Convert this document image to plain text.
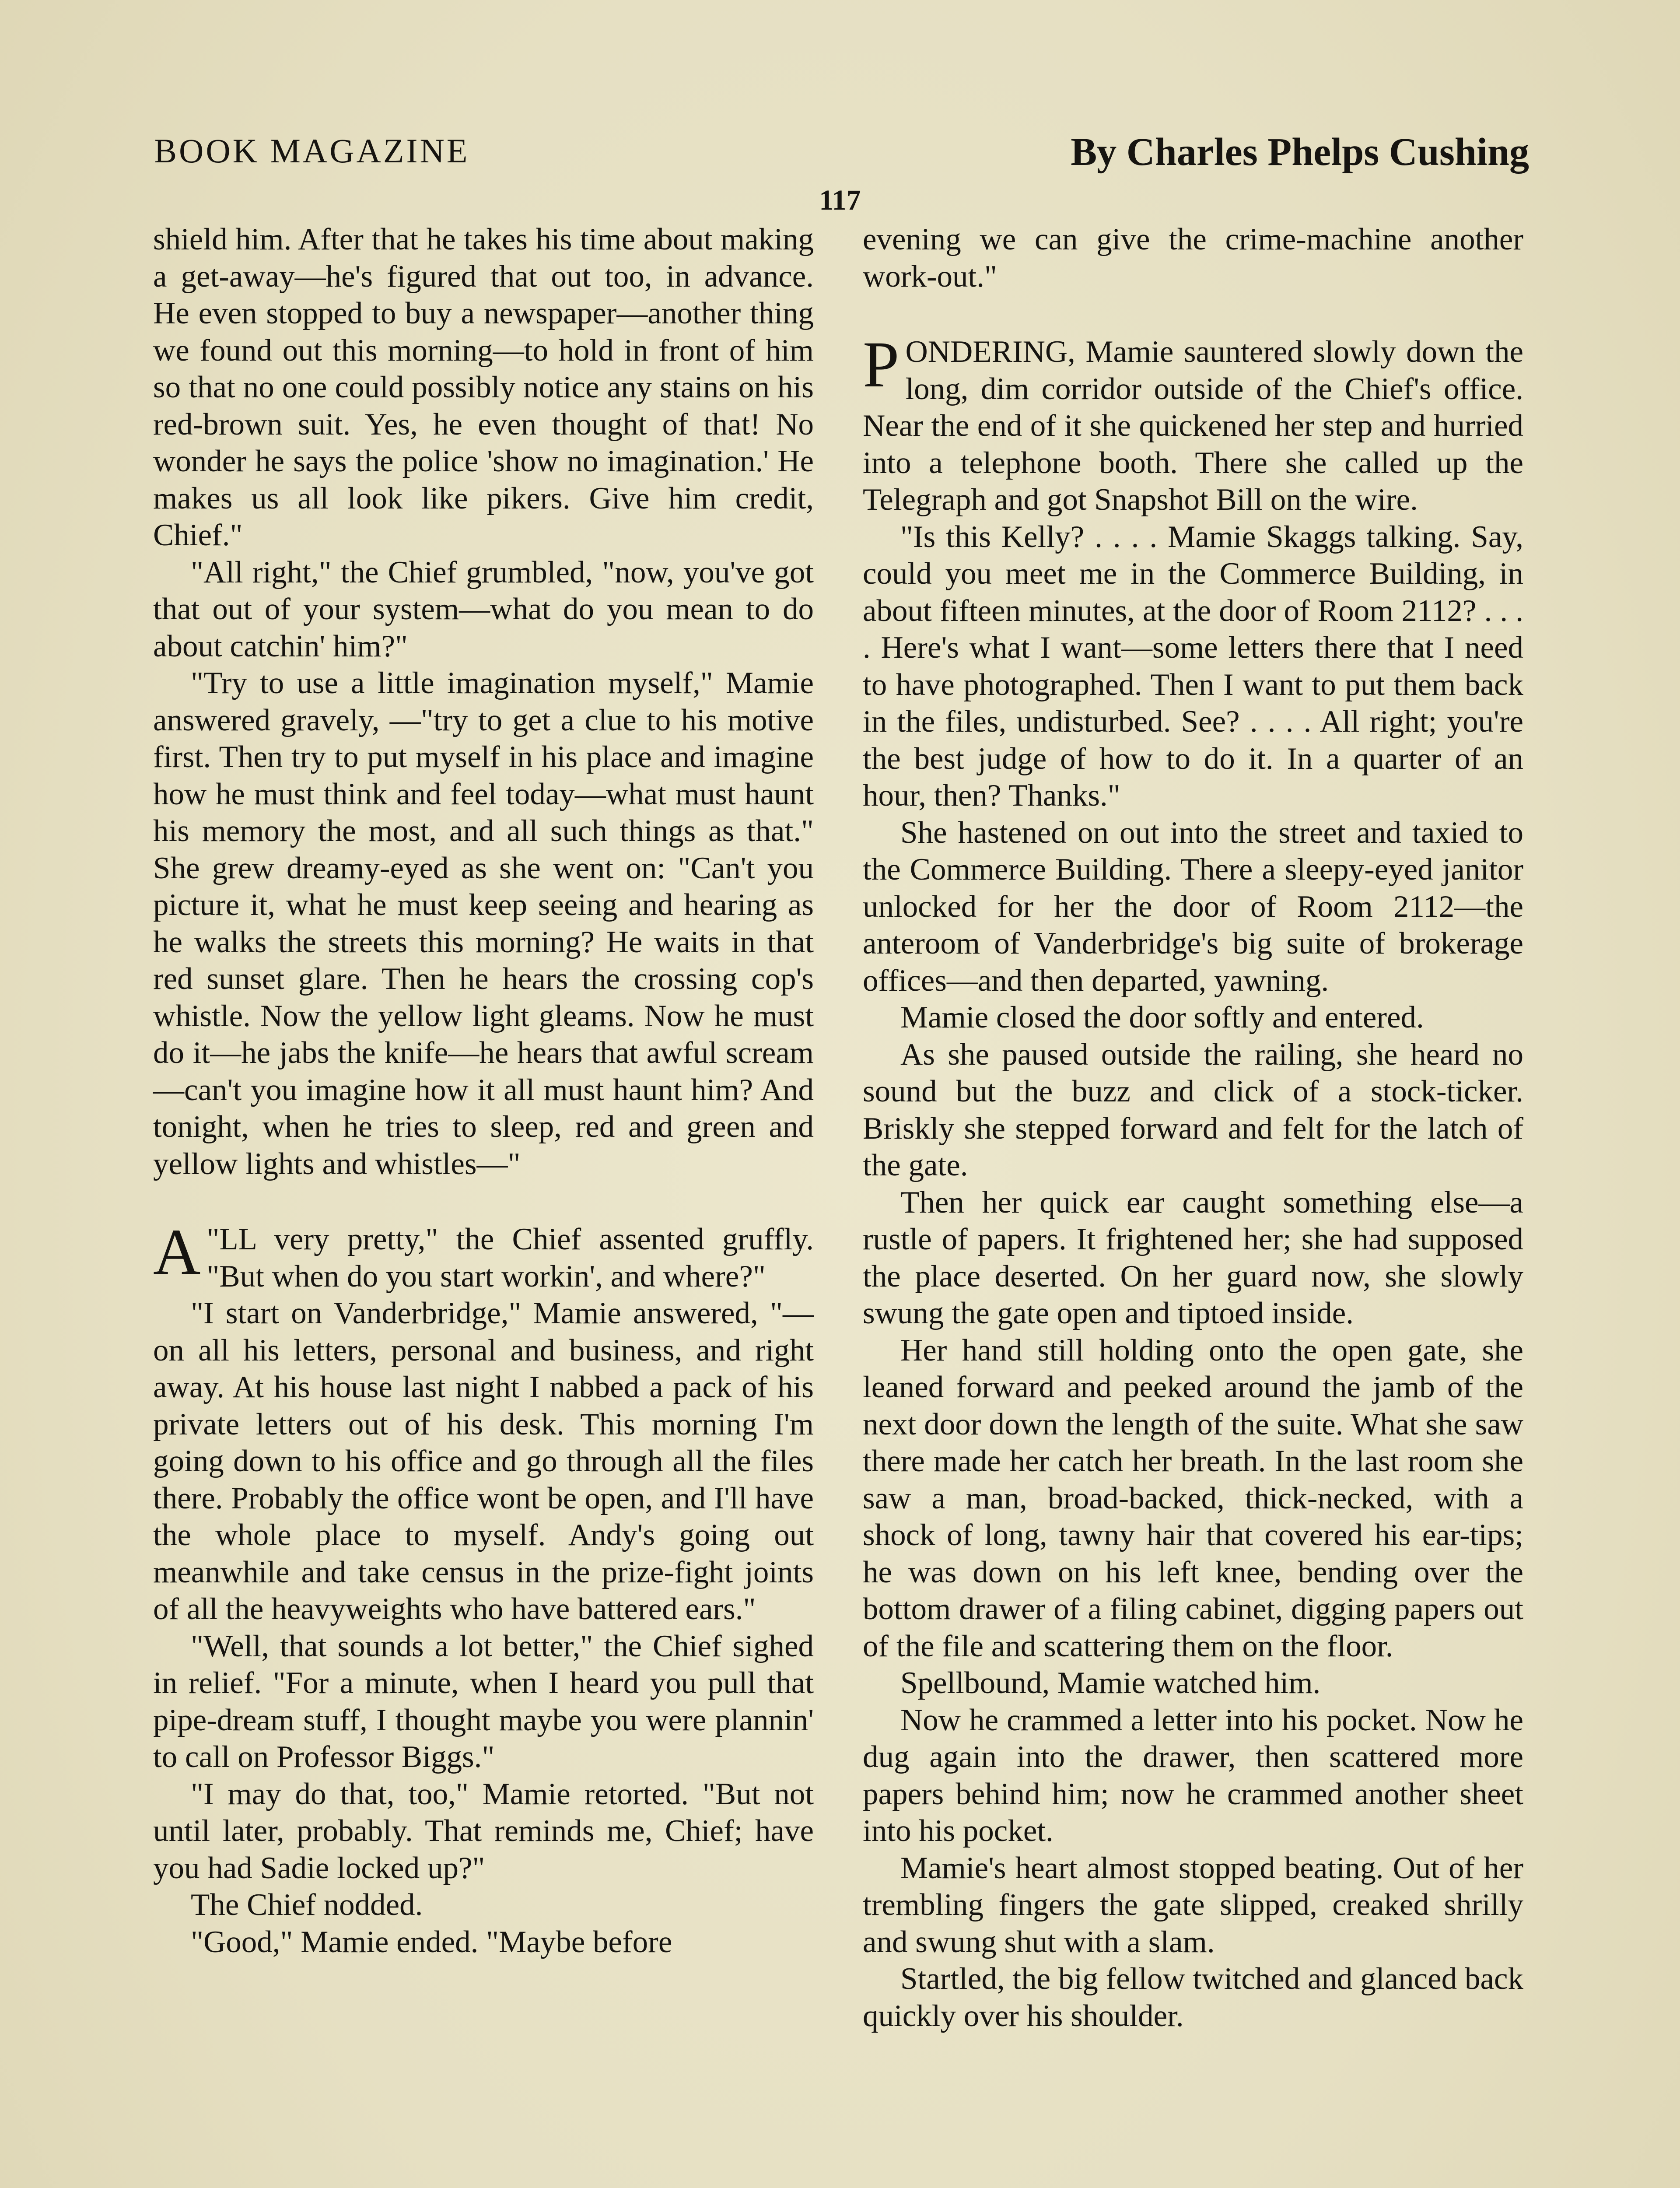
BOOK MAGAZINE	By Charles Phelps Cushing
117

shield him. After that he takes his time about making a get-away—he's figured that out too, in advance. He even stopped to buy a newspaper—another thing we found out this morning—to hold in front of him so that no one could possibly notice any stains on his red-brown suit. Yes, he even thought of that! No wonder he says the police 'show no imagination.' He makes us all look like pikers. Give him credit, Chief."

"All right," the Chief grumbled, "now, you've got that out of your system—what do you mean to do about catchin' him?"

"Try to use a little imagination myself," Mamie answered gravely, —"try to get a clue to his motive first. Then try to put myself in his place and imagine how he must think and feel today—what must haunt his memory the most, and all such things as that." She grew dreamy-eyed as she went on: "Can't you picture it, what he must keep seeing and hearing as he walks the streets this morning? He waits in that red sunset glare. Then he hears the crossing cop's whistle. Now the yellow light gleams. Now he must do it—he jabs the knife—he hears that awful scream—can't you imagine how it all must haunt him? And tonight, when he tries to sleep, red and green and yellow lights and whistles—"

"
A LL very pretty," the Chief assented gruffly. "But when do you start workin', and where?"

"I start on Vanderbridge," Mamie answered, "—on all his letters, personal and business, and right away. At his house last night I nabbed a pack of his private letters out of his desk. This morning I'm going down to his office and go through all the files there. Probably the office wont be open, and I'll have the whole place to myself. Andy's going out meanwhile and take census in the prize-fight joints of all the heavyweights who have battered ears."

"Well, that sounds a lot better," the Chief sighed in relief. "For a minute, when I heard you pull that pipe-dream stuff, I thought maybe you were plannin' to call on Professor Biggs."

"I may do that, too," Mamie retorted. "But not until later, probably. That reminds me, Chief; have you had Sadie locked up?"

The Chief nodded.

"Good," Mamie ended. "Maybe before

evening we can give the crime-machine another work-out."

PONDERING, Mamie sauntered slowly down the long, dim corridor outside of the Chief's office. Near the end of it she quickened her step and hurried into a telephone booth. There she called up the Telegraph and got Snapshot Bill on the wire.

"Is this Kelly? . . . . Mamie Skaggs talking. Say, could you meet me in the Commerce Building, in about fifteen minutes, at the door of Room 2112? . . . . Here's what I want—some letters there that I need to have photographed. Then I want to put them back in the files, undisturbed. See? . . . . All right; you're the best judge of how to do it. In a quarter of an hour, then? Thanks."

She hastened on out into the street and taxied to the Commerce Building. There a sleepy-eyed janitor unlocked for her the door of Room 2112—the anteroom of Vanderbridge's big suite of brokerage offices—and then departed, yawning.

Mamie closed the door softly and entered.

As she paused outside the railing, she heard no sound but the buzz and click of a stock-ticker. Briskly she stepped forward and felt for the latch of the gate.

Then her quick ear caught something else—a rustle of papers. It frightened her; she had supposed the place deserted. On her guard now, she slowly swung the gate open and tiptoed inside.

Her hand still holding onto the open gate, she leaned forward and peeked around the jamb of the next door down the length of the suite. What she saw there made her catch her breath. In the last room she saw a man, broad-backed, thick-necked, with a shock of long, tawny hair that covered his ear-tips; he was down on his left knee, bending over the bottom drawer of a filing cabinet, digging papers out of the file and scattering them on the floor.

Spellbound, Mamie watched him.

Now he crammed a letter into his pocket. Now he dug again into the drawer, then scattered more papers behind him; now he crammed another sheet into his pocket.

Mamie's heart almost stopped beating. Out of her trembling fingers the gate slipped, creaked shrilly and swung shut with a slam.

Startled, the big fellow twitched and glanced back quickly over his shoulder.
